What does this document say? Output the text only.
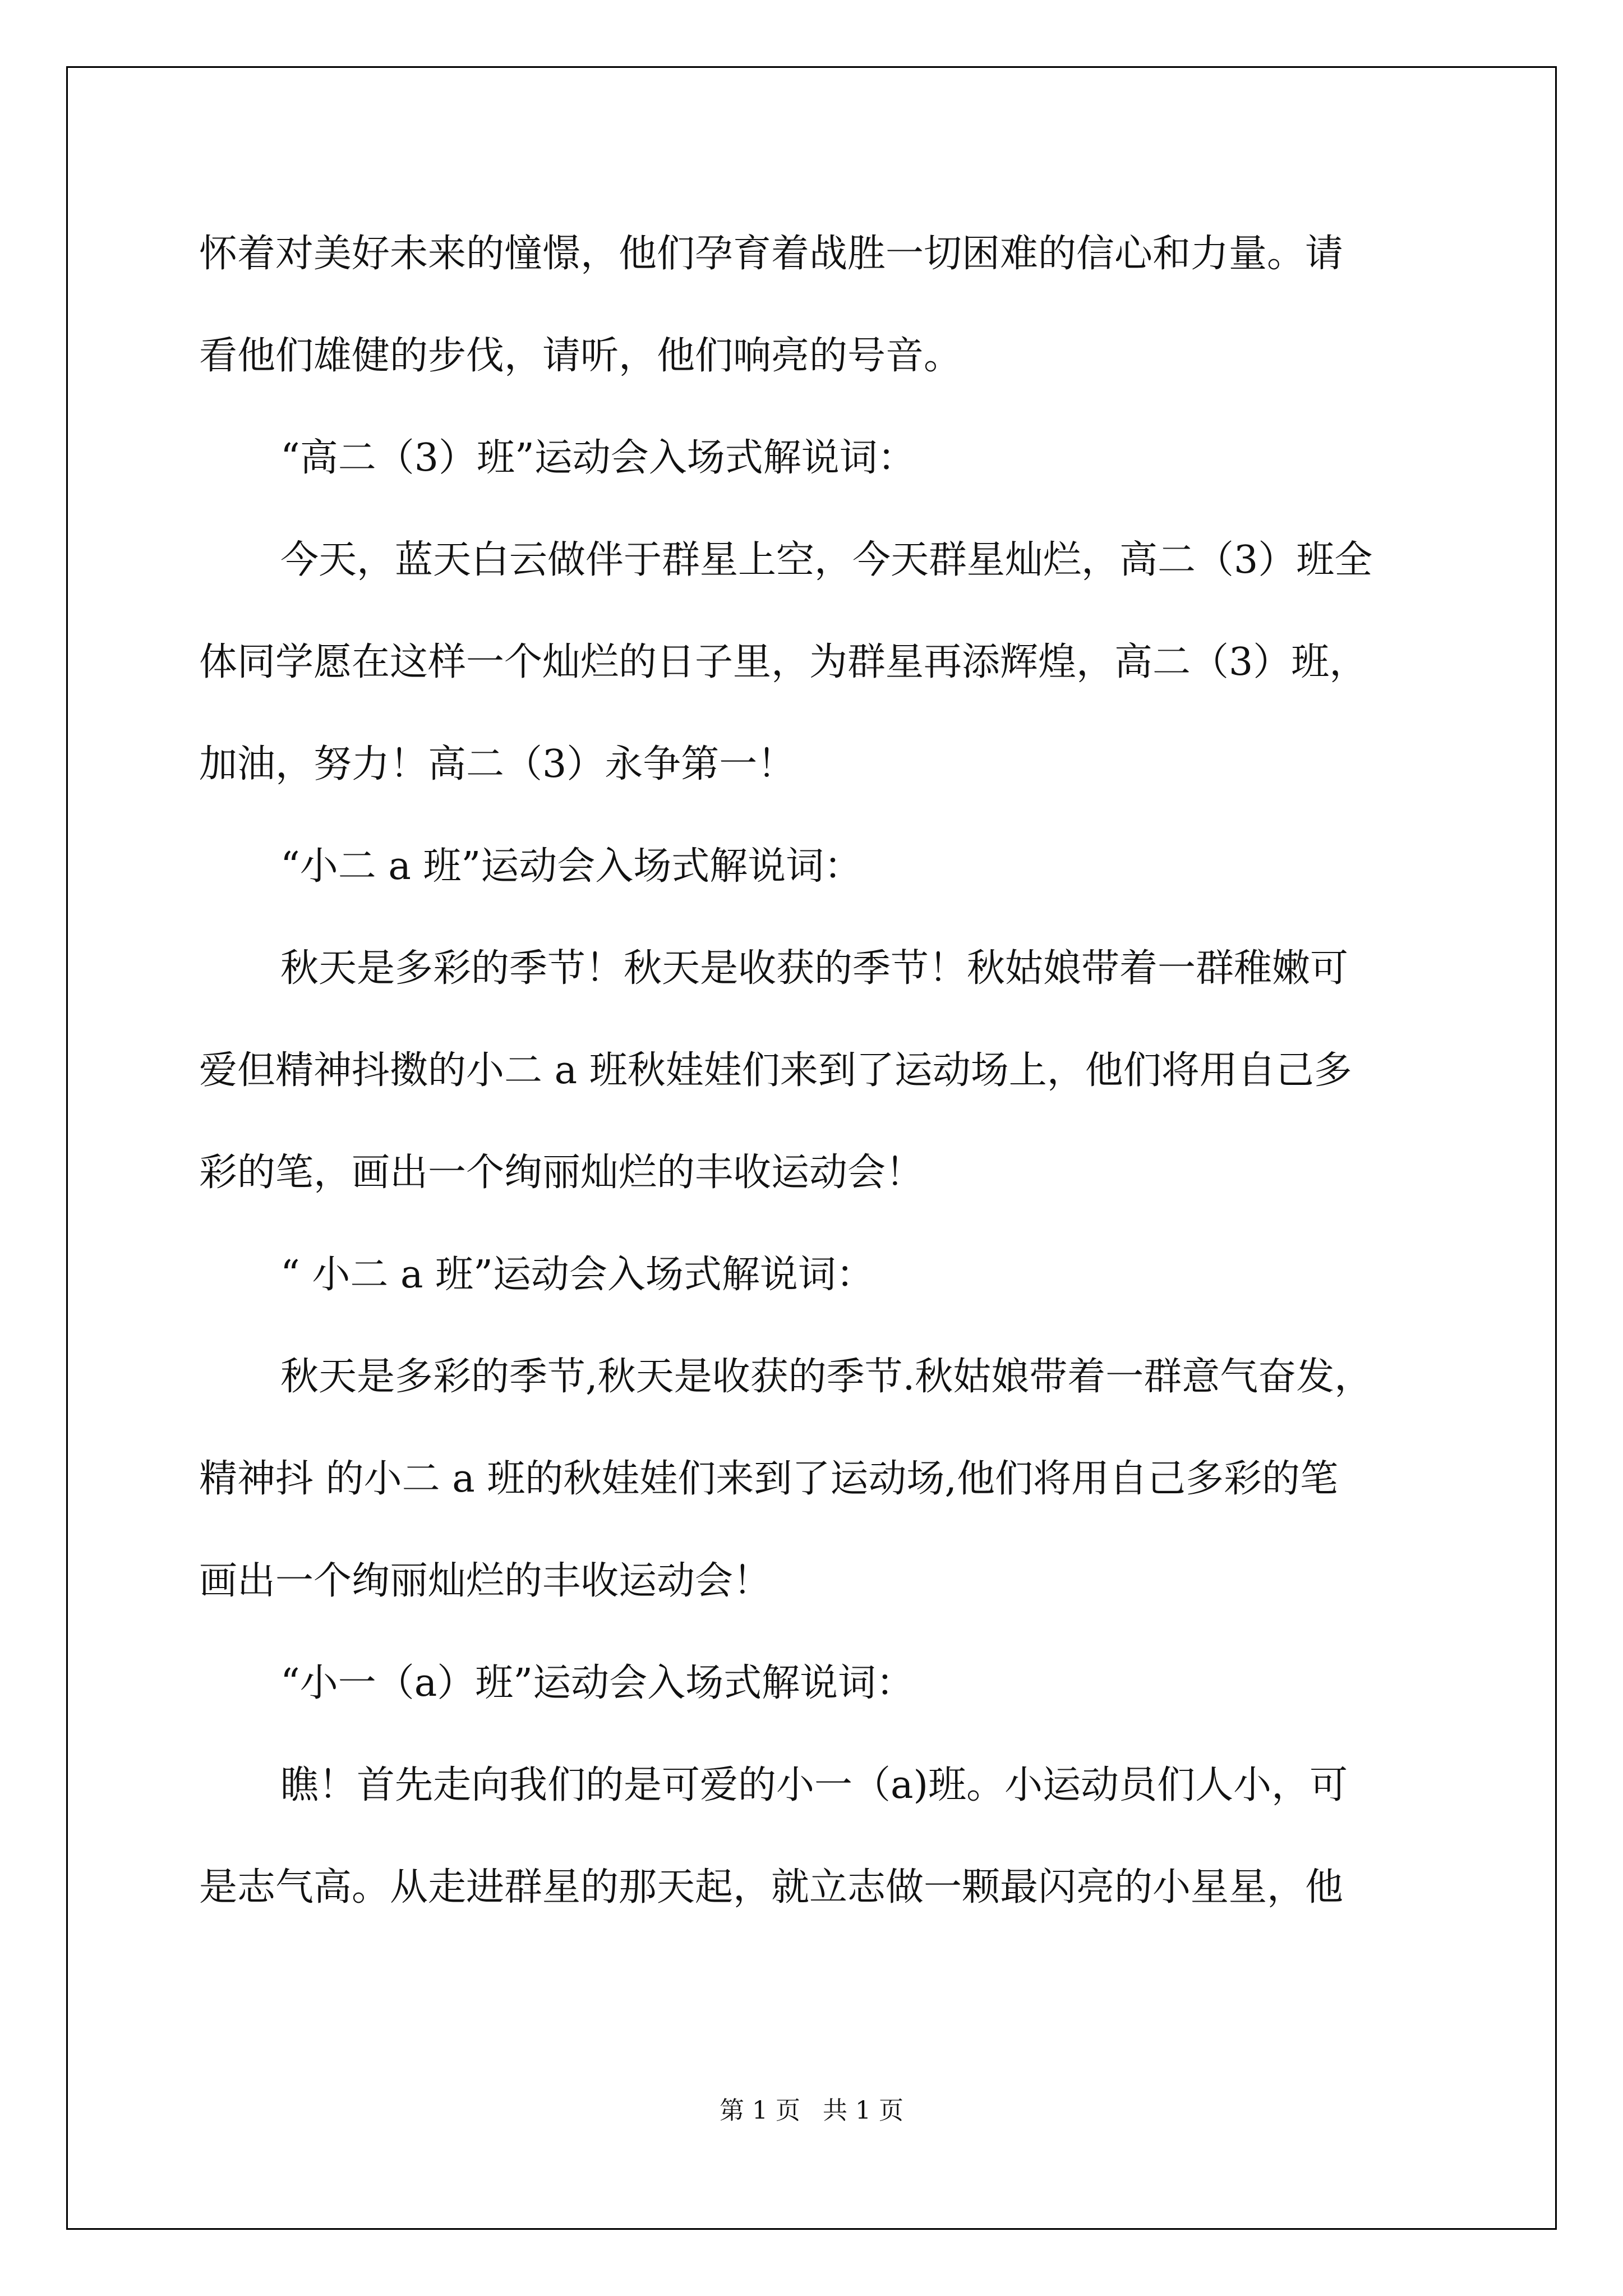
怀着对美好未来的憧憬，他们孕育着战胜一切困难的信心和力量。请
看他们雄健的步伐，请听，他们响亮的号音。
“高二（3）班”运动会入场式解说词：
今天，蓝天白云做伴于群星上空，今天群星灿烂，高二（3）班全
体同学愿在这样一个灿烂的日子里，为群星再添辉煌，高二（3）班，
加油，努力！高二（3）永争第一！
“小二 a 班”运动会入场式解说词：
秋天是多彩的季节！秋天是收获的季节！秋姑娘带着一群稚嫩可
爱但精神抖擞的小二 a 班秋娃娃们来到了运动场上，他们将用自己多
彩的笔，画出一个绚丽灿烂的丰收运动会！
“ 小二 a 班”运动会入场式解说词：
秋天是多彩的季节,秋天是收获的季节.秋姑娘带着一群意气奋发，
精神抖 的小二 a 班的秋娃娃们来到了运动场,他们将用自己多彩的笔
画出一个绚丽灿烂的丰收运动会！
“小一（a）班”运动会入场式解说词：
瞧！首先走向我们的是可爱的小一（a)班。小运动员们人小，可
是志气高。从走进群星的那天起，就立志做一颗最闪亮的小星星，他
第 1 页 共 1 页
